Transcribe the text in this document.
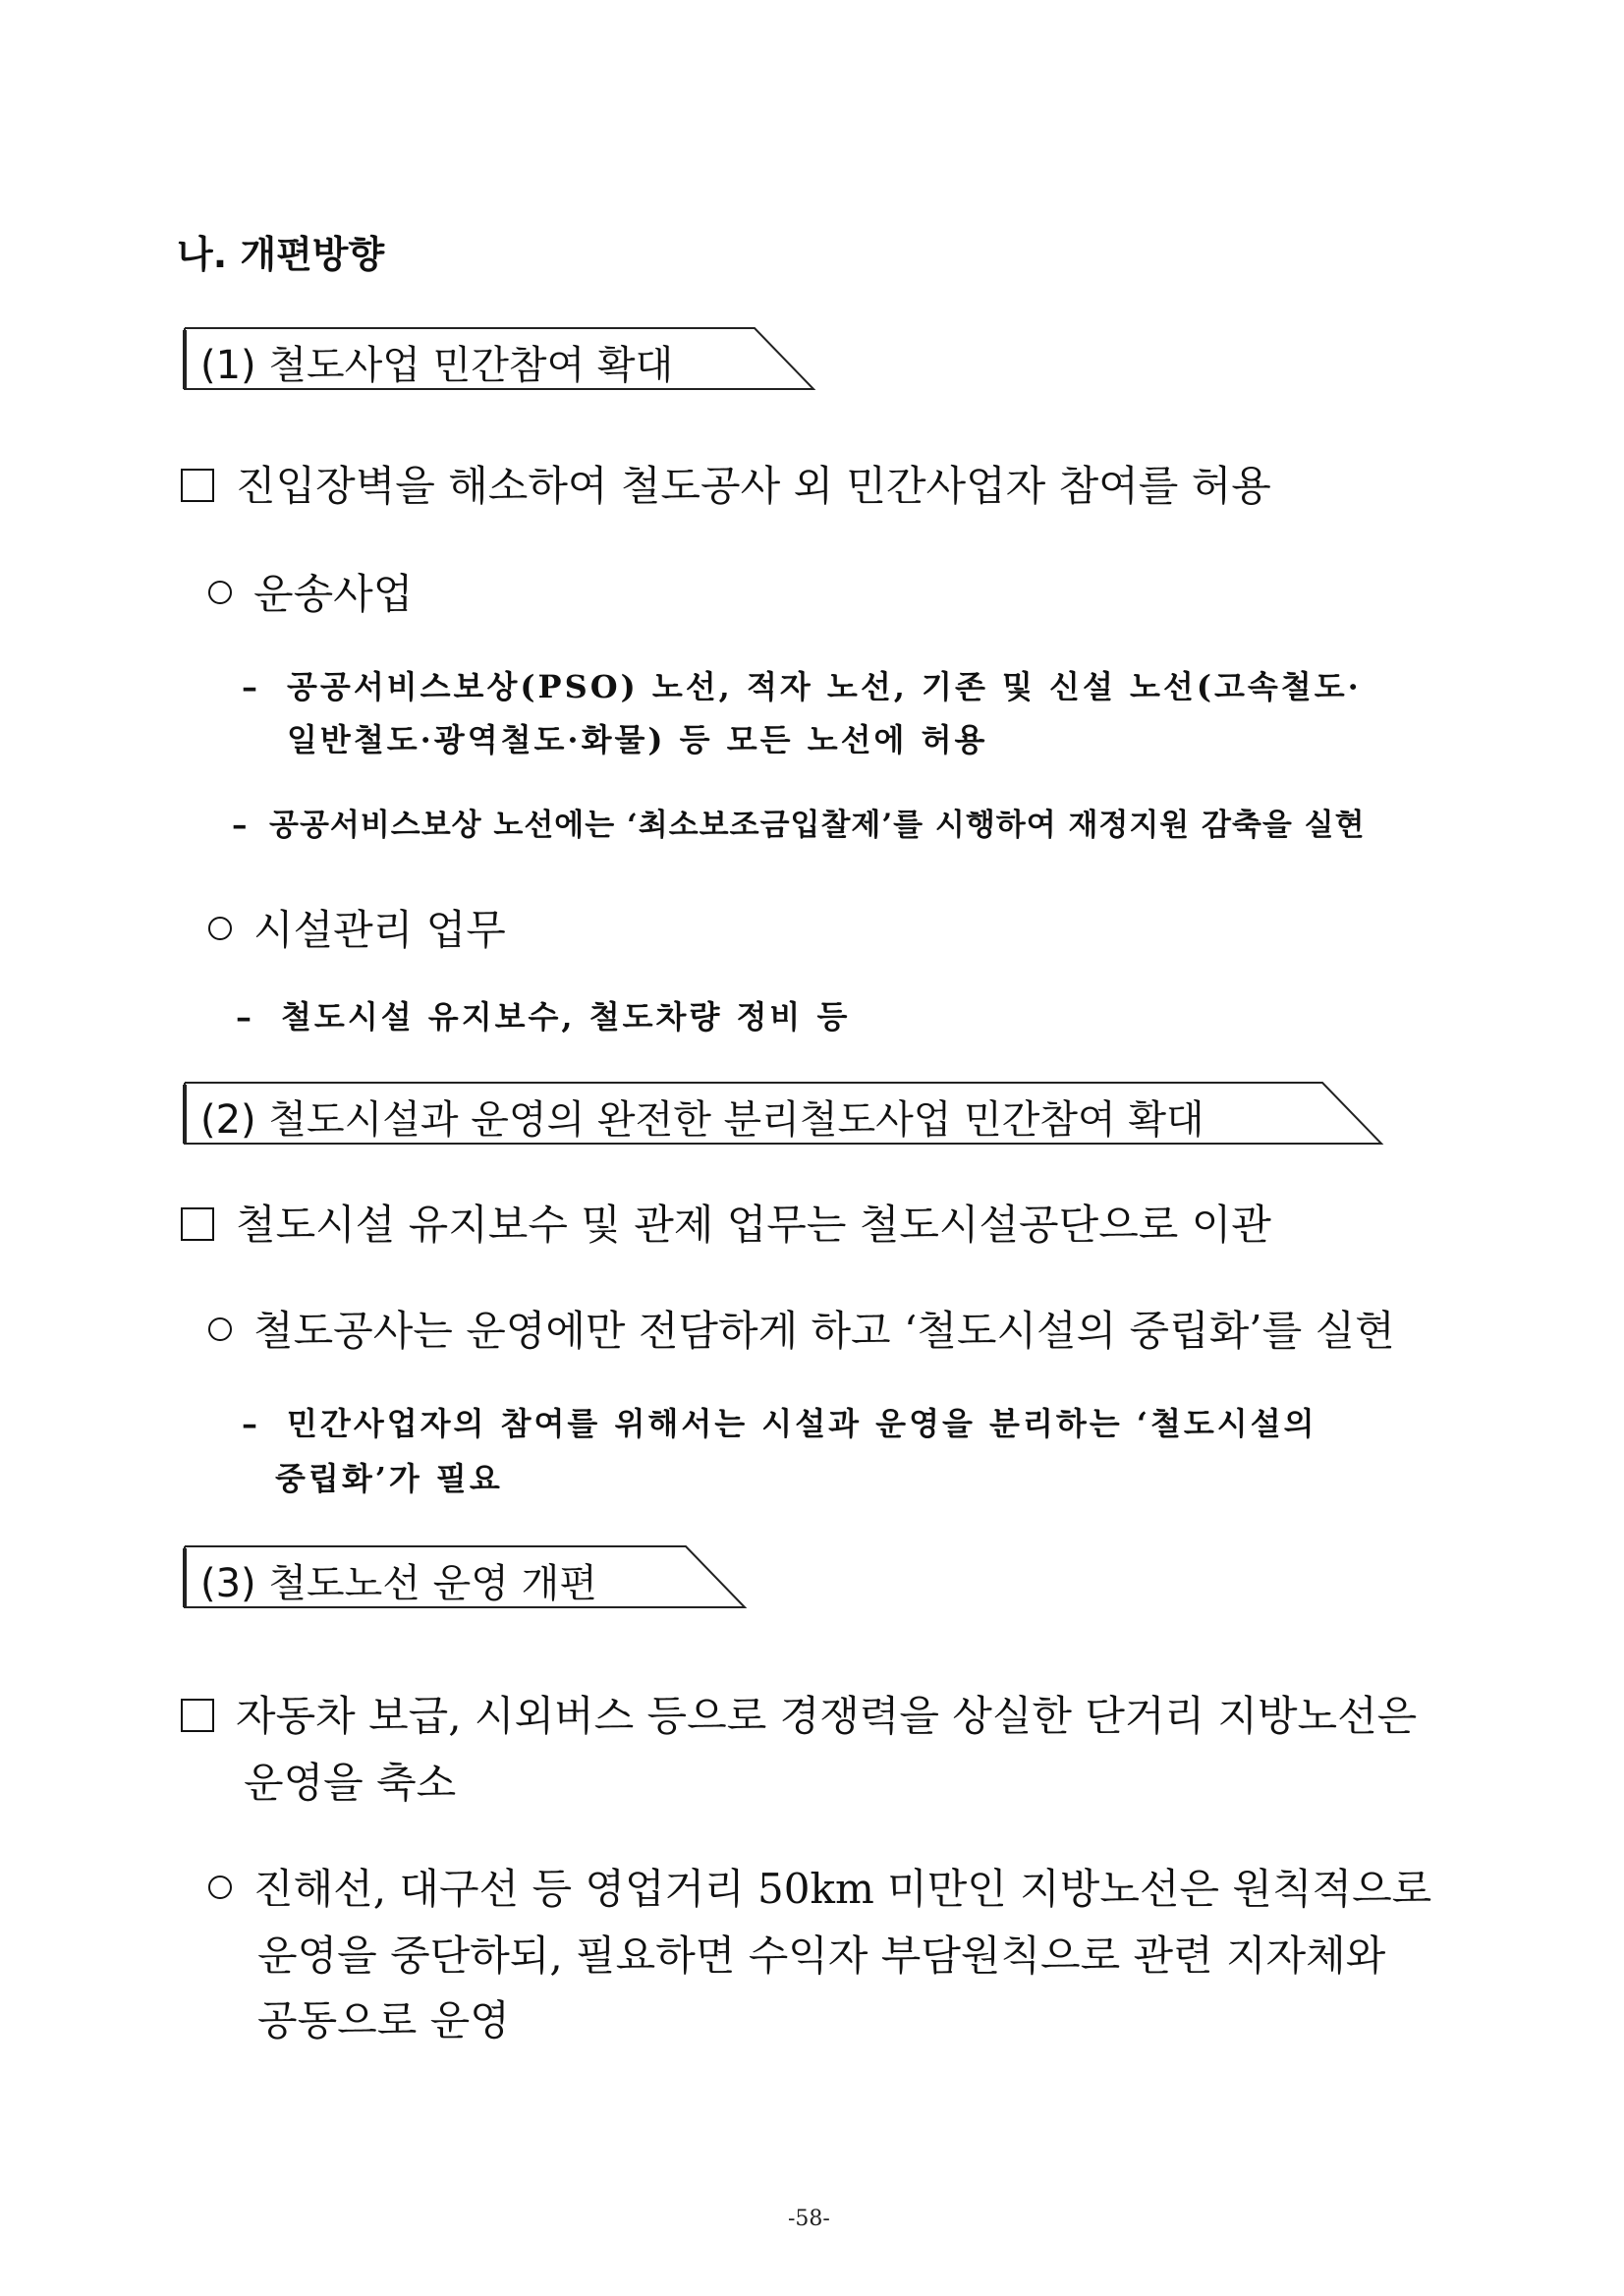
나. 개편방향
(1) 철도사업 민간참여 확대
진입장벽을 해소하여 철도공사 외 민간사업자 참여를 허용
운송사업
– 공공서비스보상(PSO) 노선, 적자 노선, 기존 및 신설 노선(고속철도·
일반철도·광역철도·화물) 등 모든 노선에 허용
– 공공서비스보상 노선에는 ‘최소보조금입찰제’를 시행하여 재정지원 감축을 실현
시설관리 업무
– 철도시설 유지보수, 철도차량 정비 등
(2) 철도시설과 운영의 완전한 분리철도사업 민간참여 확대
철도시설 유지보수 및 관제 업무는 철도시설공단으로 이관
철도공사는 운영에만 전담하게 하고 ‘철도시설의 중립화’를 실현
– 민간사업자의 참여를 위해서는 시설과 운영을 분리하는 ‘철도시설의
중립화’가 필요
(3) 철도노선 운영 개편
자동차 보급, 시외버스 등으로 경쟁력을 상실한 단거리 지방노선은
운영을 축소
진해선, 대구선 등 영업거리 50km 미만인 지방노선은 원칙적으로
운영을 중단하되, 필요하면 수익자 부담원칙으로 관련 지자체와
공동으로 운영
-58-
